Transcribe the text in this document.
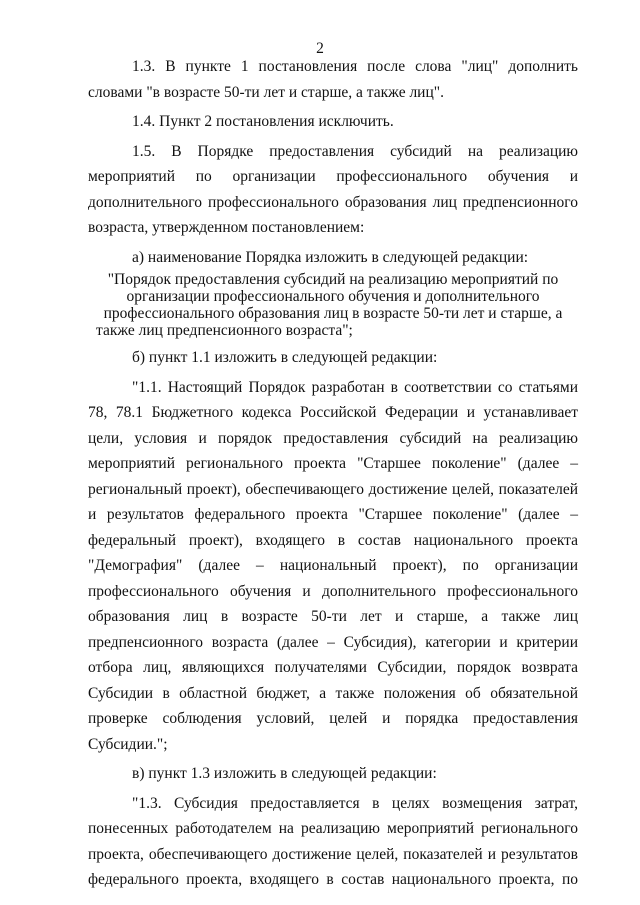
2

1.3. В пункте 1 постановления после слова "лиц" дополнить словами "в возрасте 50-ти лет и старше, а также лиц".

1.4. Пункт 2 постановления исключить.

1.5. В Порядке предоставления субсидий на реализацию мероприятий по организации профессионального обучения и дополнительного профессионального образования лиц предпенсионного возраста, утвержденном постановлением:

а) наименование Порядка изложить в следующей редакции:

"Порядок предоставления субсидий на реализацию мероприятий по организации профессионального обучения и дополнительного профессионального образования лиц в возрасте 50-ти лет и старше, а также лиц предпенсионного возраста";

б) пункт 1.1 изложить в следующей редакции:

"1.1. Настоящий Порядок разработан в соответствии со статьями 78, 78.1 Бюджетного кодекса Российской Федерации и устанавливает цели, условия и порядок предоставления субсидий на реализацию мероприятий регионального проекта "Старшее поколение" (далее – региональный проект), обеспечивающего достижение целей, показателей и результатов федерального проекта "Старшее поколение" (далее – федеральный проект), входящего в состав национального проекта "Демография" (далее – национальный проект), по организации профессионального обучения и дополнительного профессионального образования лиц в возрасте 50-ти лет и старше, а также лиц предпенсионного возраста (далее – Субсидия), категории и критерии отбора лиц, являющихся получателями Субсидии, порядок возврата Субсидии в областной бюджет, а также положения об обязательной проверке соблюдения условий, целей и порядка предоставления Субсидии.";

в) пункт 1.3 изложить в следующей редакции:

"1.3. Субсидия предоставляется в целях возмещения затрат, понесенных работодателем на реализацию мероприятий регионального проекта, обеспечивающего достижение целей, показателей и результатов федерального проекта, входящего в состав национального проекта, по
